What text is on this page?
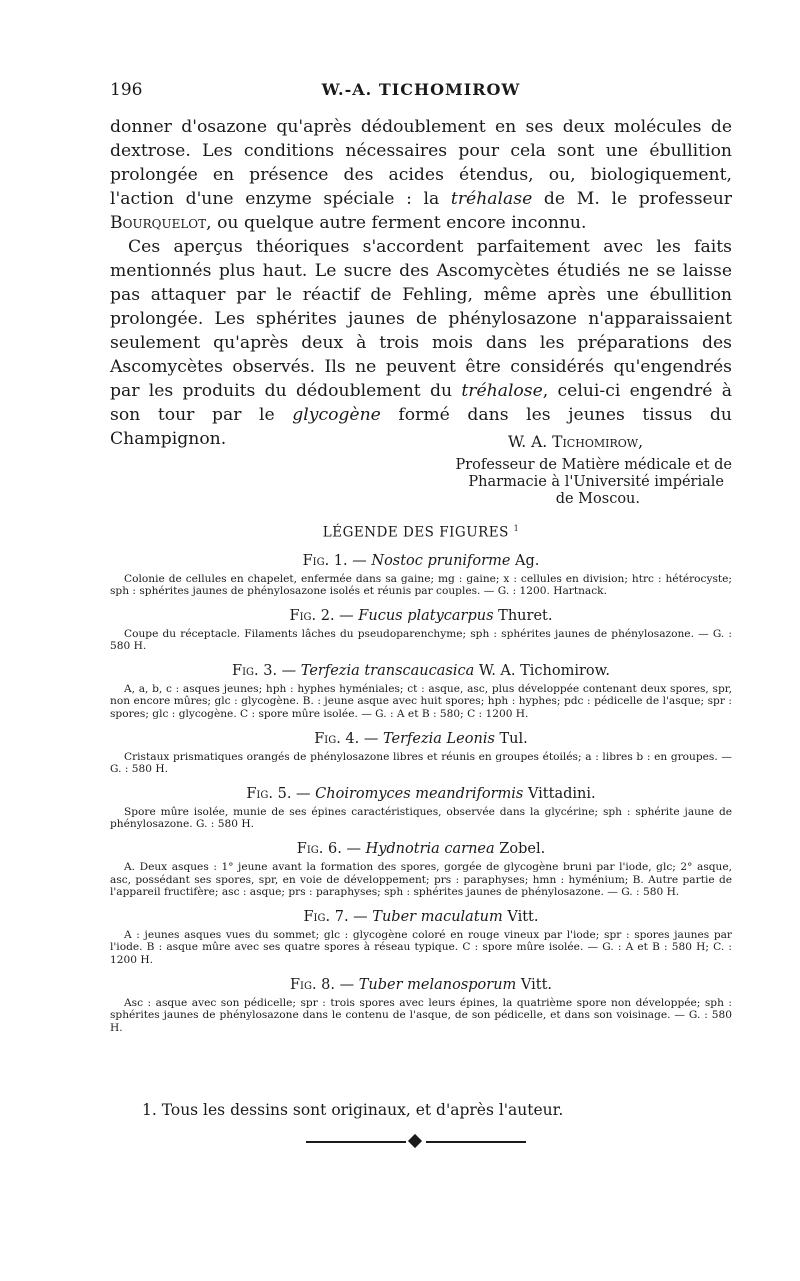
196	W.-A. TICHOMIROW

donner d'osazone qu'après dédoublement en ses deux molécules de dextrose. Les conditions nécessaires pour cela sont une ébullition prolongée en présence des acides étendus, ou, biologiquement, l'action d'une enzyme spéciale : la tréhalase de M. le professeur Bourquelot, ou quelque autre ferment encore inconnu.

Ces aperçus théoriques s'accordent parfaitement avec les faits mentionnés plus haut. Le sucre des Ascomycètes étudiés ne se laisse pas attaquer par le réactif de Fehling, même après une ébullition prolongée. Les sphérites jaunes de phénylosazone n'apparaissaient seulement qu'après deux à trois mois dans les préparations des Ascomycètes observés. Ils ne peuvent être considérés qu'engendrés par les produits du dédoublement du tréhalose, celui-ci engendré à son tour par le glycogène formé dans les jeunes tissus du Champignon.	W. A. Tichomirow,
Professeur de Matière médicale et de
Pharmacie à l'Université impériale
de Moscou.
LÉGENDE DES FIGURES $^1$
Fig. 1. — Nostoc pruniforme Ag.
Colonie de cellules en chapelet, enfermée dans sa gaine; mg : gaine; x : cellules en division; htrc : hétérocyste; sph : sphérites jaunes de phénylosazone isolés et réunis par couples. — G. : 1200. Hartnack.
Fig. 2. — Fucus platycarpus Thuret.
Coupe du réceptacle. Filaments lâches du pseudoparenchyme; sph : sphérites jaunes de phénylosazone. — G. : 580 H.
Fig. 3. — Terfezia transcaucasica W. A. Tichomirow.
A, a, b, c : asques jeunes; hph : hyphes hyméniales; ct : asque, asc, plus développée contenant deux spores, spr, non encore mûres; glc : glycogène. B. : jeune asque avec huit spores; hph : hyphes; pdc : pédicelle de l'asque; spr : spores; glc : glycogène. C : spore mûre isolée. — G. : A et B : 580; C : 1200 H.
Fig. 4. — Terfezia Leonis Tul.
Cristaux prismatiques orangés de phénylosazone libres et réunis en groupes étoilés; a : libres b : en groupes. — G. : 580 H.
Fig. 5. — Choiromyces meandriformis Vittadini.
Spore mûre isolée, munie de ses épines caractéristiques, observée dans la glycérine; sph : sphérite jaune de phénylosazone. G. : 580 H.
Fig. 6. — Hydnotria carnea Zobel.
A. Deux asques : 1° jeune avant la formation des spores, gorgée de glycogène bruni par l'iode, glc; 2° asque, asc, possédant ses spores, spr, en voie de développement; prs : paraphyses; hmn : hyménium; B. Autre partie de l'appareil fructifère; asc : asque; prs : paraphyses; sph : sphérites jaunes de phénylosazone. — G. : 580 H.
Fig. 7. — Tuber maculatum Vitt.
A : jeunes asques vues du sommet; glc : glycogène coloré en rouge vineux par l'iode; spr : spores jaunes par l'iode. B : asque mûre avec ses quatre spores à réseau typique. C : spore mûre isolée. — G. : A et B : 580 H; C. : 1200 H.
Fig. 8. — Tuber melanosporum Vitt.
Asc : asque avec son pédicelle; spr : trois spores avec leurs épines, la quatrième spore non développée; sph : sphérites jaunes de phénylosazone dans le contenu de l'asque, de son pédicelle, et dans son voisinage. — G. : 580 H.
1. Tous les dessins sont originaux, et d'après l'auteur.
